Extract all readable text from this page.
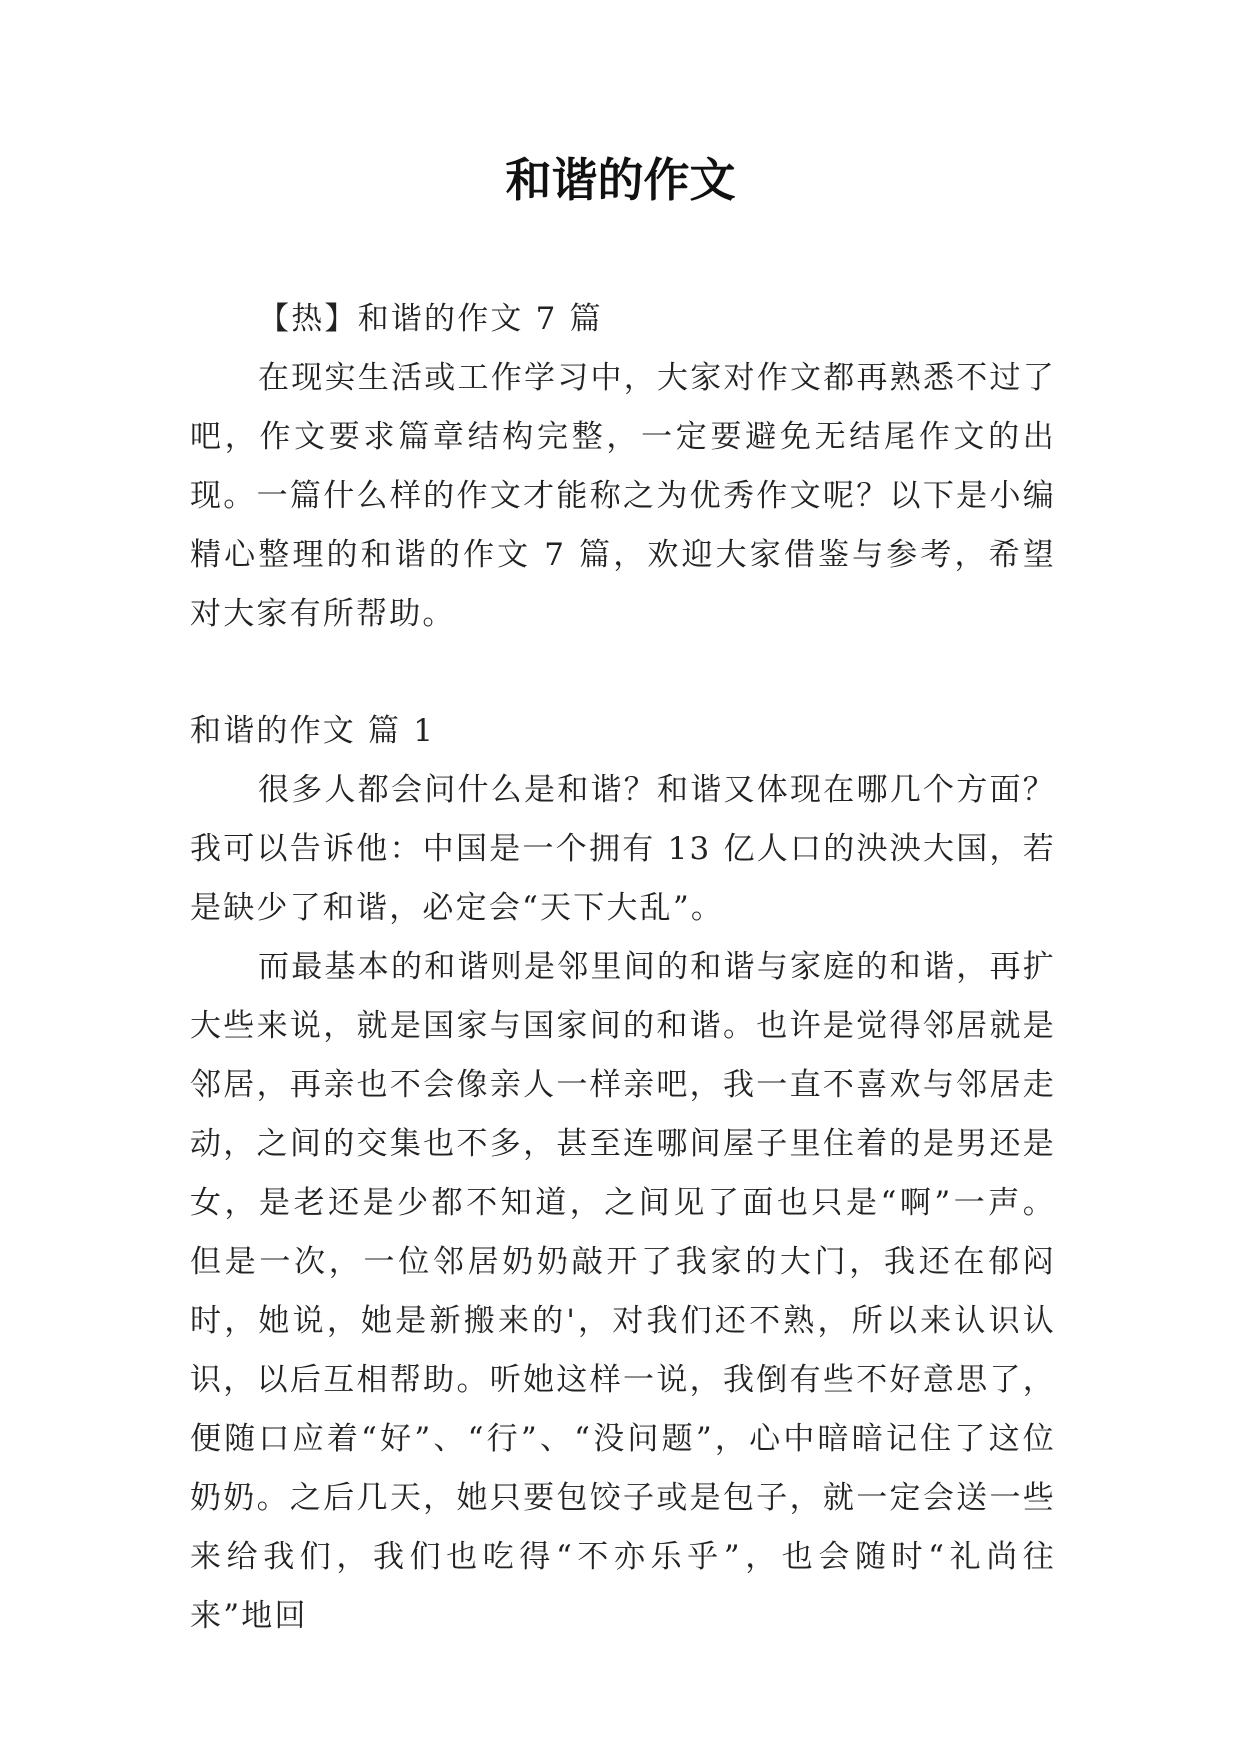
和谐的作文

【热】和谐的作文 7 篇

在现实生活或工作学习中，大家对作文都再熟悉不过了吧，作文要求篇章结构完整，一定要避免无结尾作文的出现。一篇什么样的作文才能称之为优秀作文呢？以下是小编精心整理的和谐的作文 7 篇，欢迎大家借鉴与参考，希望对大家有所帮助。

和谐的作文 篇 1

很多人都会问什么是和谐？和谐又体现在哪几个方面？我可以告诉他：中国是一个拥有 13 亿人口的泱泱大国，若是缺少了和谐，必定会“天下大乱”。

而最基本的和谐则是邻里间的和谐与家庭的和谐，再扩大些来说，就是国家与国家间的和谐。也许是觉得邻居就是邻居，再亲也不会像亲人一样亲吧，我一直不喜欢与邻居走动，之间的交集也不多，甚至连哪间屋子里住着的是男还是女，是老还是少都不知道，之间见了面也只是“啊”一声。但是一次，一位邻居奶奶敲开了我家的大门，我还在郁闷时，她说，她是新搬来的'，对我们还不熟，所以来认识认识，以后互相帮助。听她这样一说，我倒有些不好意思了，便随口应着“好”、“行”、“没问题”，心中暗暗记住了这位奶奶。之后几天，她只要包饺子或是包子，就一定会送一些来给我们，我们也吃得“不亦乐乎”，也会随时“礼尚往来”地回
